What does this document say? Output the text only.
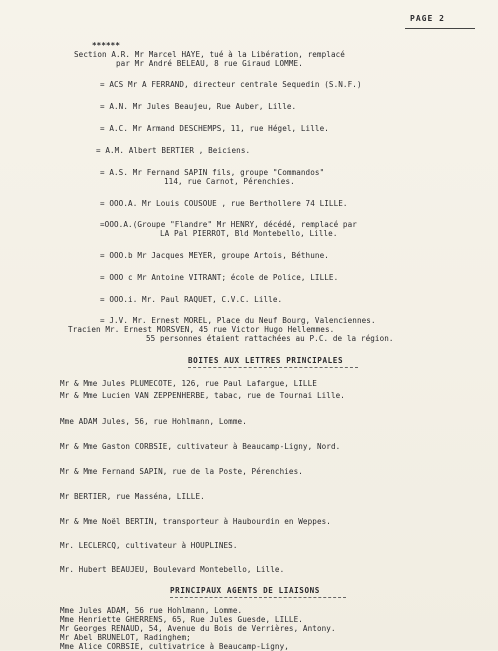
PAGE 2
******
Section A.R. Mr Marcel HAYE, tué à la Libération, remplacé
par Mr André BELEAU, 8 rue Giraud LOMME.
= ACS Mr A FERRAND, directeur centrale Sequedin (S.N.F.)
= A.N. Mr Jules Beaujeu, Rue Auber, Lille.
= A.C. Mr Armand DESCHEMPS, 11, rue Hégel, Lille.
= A.M. Albert BERTIER , Beiciens.
= A.S. Mr Fernand SAPIN fils, groupe "Commandos"
114, rue Carnot, Pérenchies.
= OOO.A. Mr Louis COUSOUE , rue Berthollere 74 LILLE.
=OOO.A.(Groupe "Flandre" Mr HENRY, décédé, remplacé par
LA Pal PIERROT, Bld Montebello, Lille.
= OOO.b Mr Jacques MEYER, groupe Artois, Béthune.
= OOO c Mr Antoine VITRANT; école de Police, LILLE.
= OOO.i. Mr. Paul RAQUET, C.V.C. Lille.
= J.V. Mr. Ernest MOREL, Place du Neuf Bourg, Valenciennes.
Tracien Mr. Ernest MORSVEN, 45 rue Victor Hugo Hellemmes.
55 personnes étaient rattachées au P.C. de la région.
BOITES AUX LETTRES PRINCIPALES
Mr & Mme Jules PLUMECOTE, 126, rue Paul Lafargue, LILLE
Mr & Mme Lucien VAN ZEPPENHERBE, tabac, rue de Tournai Lille.
Mme ADAM Jules, 56, rue Hohlmann, Lomme.
Mr & Mme Gaston CORBSIE, cultivateur à Beaucamp-Ligny, Nord.
Mr & Mme Fernand SAPIN, rue de la Poste, Pérenchies.
Mr BERTIER, rue Masséna, LILLE.
Mr & Mme Noël BERTIN, transporteur à Haubourdin en Weppes.
Mr. LECLERCQ, cultivateur à HOUPLINES.
Mr. Hubert BEAUJEU, Boulevard Montebello, Lille.
PRINCIPAUX AGENTS DE LIAISONS
Mme Jules ADAM, 56 rue Hohlmann, Lomme.
Mme Henriette GHERRENS, 65, Rue Jules Guesde, LILLE.
Mr Georges RENAUD, 54, Avenue du Bois de Verrières, Antony.
Mr Abel BRUNELOT, Radinghem;
Mme Alice CORBSIE, cultivatrice à Beaucamp-Ligny,
